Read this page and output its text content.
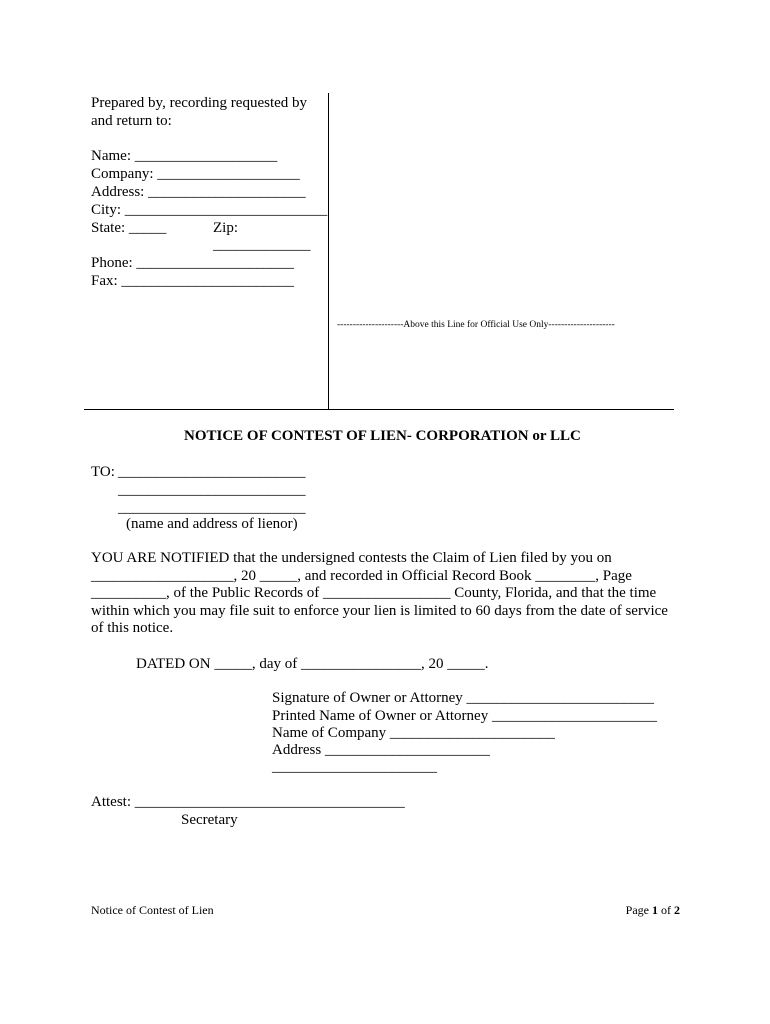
Prepared by, recording requested by
and return to:
Name: ___________________
Company: ___________________
Address: _____________________
City: ___________________________
State: _____	Zip:
_____________
Phone: _____________________
Fax: _______________________
---------------------Above this Line for Official Use Only---------------------
NOTICE OF CONTEST OF LIEN- CORPORATION or LLC
TO: _________________________
_________________________
_________________________
(name and address of lienor)
YOU ARE NOTIFIED that the undersigned contests the Claim of Lien filed by you on
___________________, 20 _____, and recorded in Official Record Book ________, Page
__________, of the Public Records of _________________ County, Florida, and that the time
within which you may file suit to enforce your lien is limited to 60 days from the date of service
of this notice.
DATED ON _____, day of ________________, 20 _____.
Signature of Owner or Attorney _________________________
Printed Name of Owner or Attorney ______________________
Name of Company ______________________
Address ______________________
______________________
Attest: ____________________________________
Secretary
Notice of Contest of Lien	Page 1 of 2
